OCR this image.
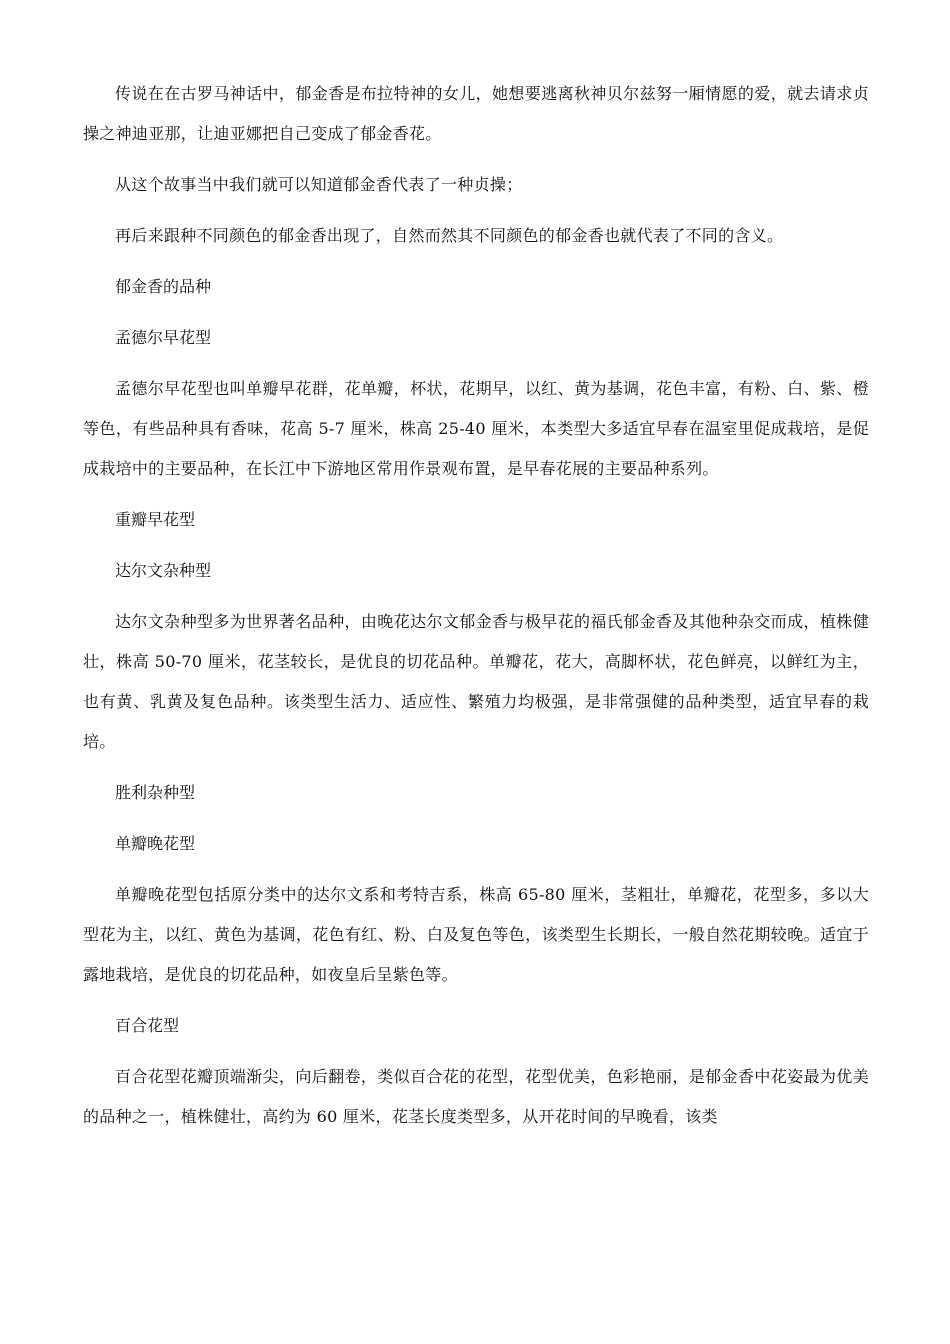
传说在在古罗马神话中，郁金香是布拉特神的女儿，她想要逃离秋神贝尔兹努一厢情愿的爱，就去请求贞操之神迪亚那，让迪亚娜把自己变成了郁金香花。

从这个故事当中我们就可以知道郁金香代表了一种贞操；

再后来跟种不同颜色的郁金香出现了，自然而然其不同颜色的郁金香也就代表了不同的含义。

郁金香的品种

孟德尔早花型

孟德尔早花型也叫单瓣早花群，花单瓣，杯状，花期早，以红、黄为基调，花色丰富，有粉、白、紫、橙等色，有些品种具有香味，花高 5-7 厘米，株高 25-40 厘米，本类型大多适宜早春在温室里促成栽培，是促成栽培中的主要品种，在长江中下游地区常用作景观布置，是早春花展的主要品种系列。

重瓣早花型

达尔文杂种型

达尔文杂种型多为世界著名品种，由晚花达尔文郁金香与极早花的福氏郁金香及其他种杂交而成，植株健壮，株高 50-70 厘米，花茎较长，是优良的切花品种。单瓣花，花大，高脚杯状，花色鲜亮，以鲜红为主，也有黄、乳黄及复色品种。该类型生活力、适应性、繁殖力均极强，是非常强健的品种类型，适宜早春的栽培。

胜利杂种型

单瓣晚花型

单瓣晚花型包括原分类中的达尔文系和考特吉系，株高 65-80 厘米，茎粗壮，单瓣花，花型多，多以大型花为主，以红、黄色为基调，花色有红、粉、白及复色等色，该类型生长期长，一般自然花期较晚。适宜于露地栽培，是优良的切花品种，如夜皇后呈紫色等。

百合花型

百合花型花瓣顶端渐尖，向后翻卷，类似百合花的花型，花型优美，色彩艳丽，是郁金香中花姿最为优美的品种之一，植株健壮，高约为 60 厘米，花茎长度类型多，从开花时间的早晚看，该类
